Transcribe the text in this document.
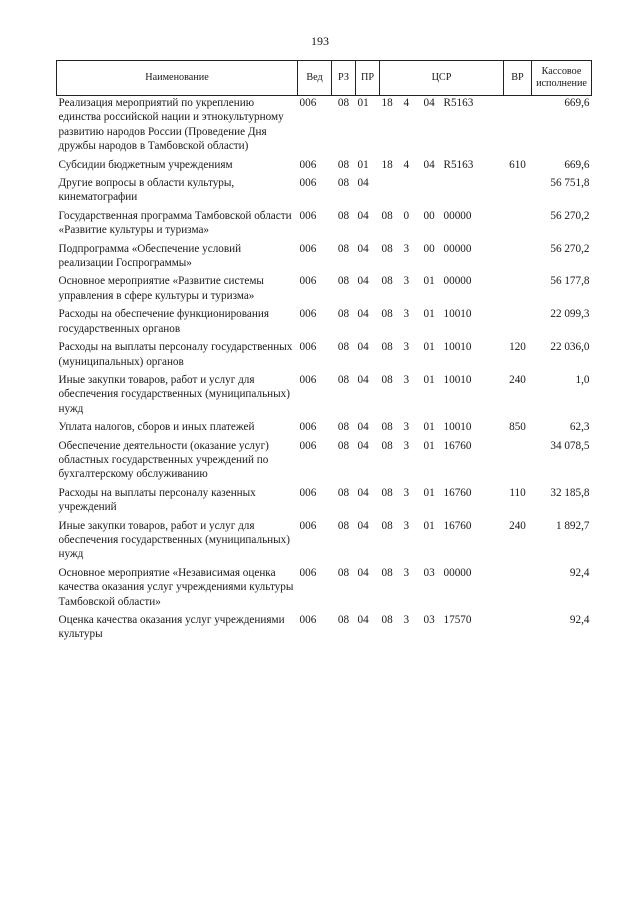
193
Наименование	Вед	РЗ	ПР	ЦСР	ВР	Кассовое исполнение
Реализация мероприятий по укреплению единства российской нации и этнокультурному развитию народов России (Проведение Дня дружбы народов в Тамбовской области)	006	08	01	18 4 04 R5163		669,6
Субсидии бюджетным учреждениям	006	08	01	18 4 04 R5163	610	669,6
Другие вопросы в области культуры, кинематографии	006	08	04			56 751,8
Государственная программа Тамбовской области «Развитие культуры и туризма»	006	08	04	08 0 00 00000		56 270,2
Подпрограмма «Обеспечение условий реализации Госпрограммы»	006	08	04	08 3 00 00000		56 270,2
Основное мероприятие «Развитие системы управления в сфере культуры и туризма»	006	08	04	08 3 01 00000		56 177,8
Расходы на обеспечение функционирования государственных органов	006	08	04	08 3 01 10010		22 099,3
Расходы на выплаты персоналу государственных (муниципальных) органов	006	08	04	08 3 01 10010	120	22 036,0
Иные закупки товаров, работ и услуг для обеспечения государственных (муниципальных) нужд	006	08	04	08 3 01 10010	240	1,0
Уплата налогов, сборов и иных платежей	006	08	04	08 3 01 10010	850	62,3
Обеспечение деятельности (оказание услуг) областных государственных учреждений по бухгалтерскому обслуживанию	006	08	04	08 3 01 16760		34 078,5
Расходы на выплаты персоналу казенных учреждений	006	08	04	08 3 01 16760	110	32 185,8
Иные закупки товаров, работ и услуг для обеспечения государственных (муниципальных) нужд	006	08	04	08 3 01 16760	240	1 892,7
Основное мероприятие «Независимая оценка качества оказания услуг учреждениями культуры Тамбовской области»	006	08	04	08 3 03 00000		92,4
Оценка качества оказания услуг учреждениями культуры	006	08	04	08 3 03 17570		92,4
